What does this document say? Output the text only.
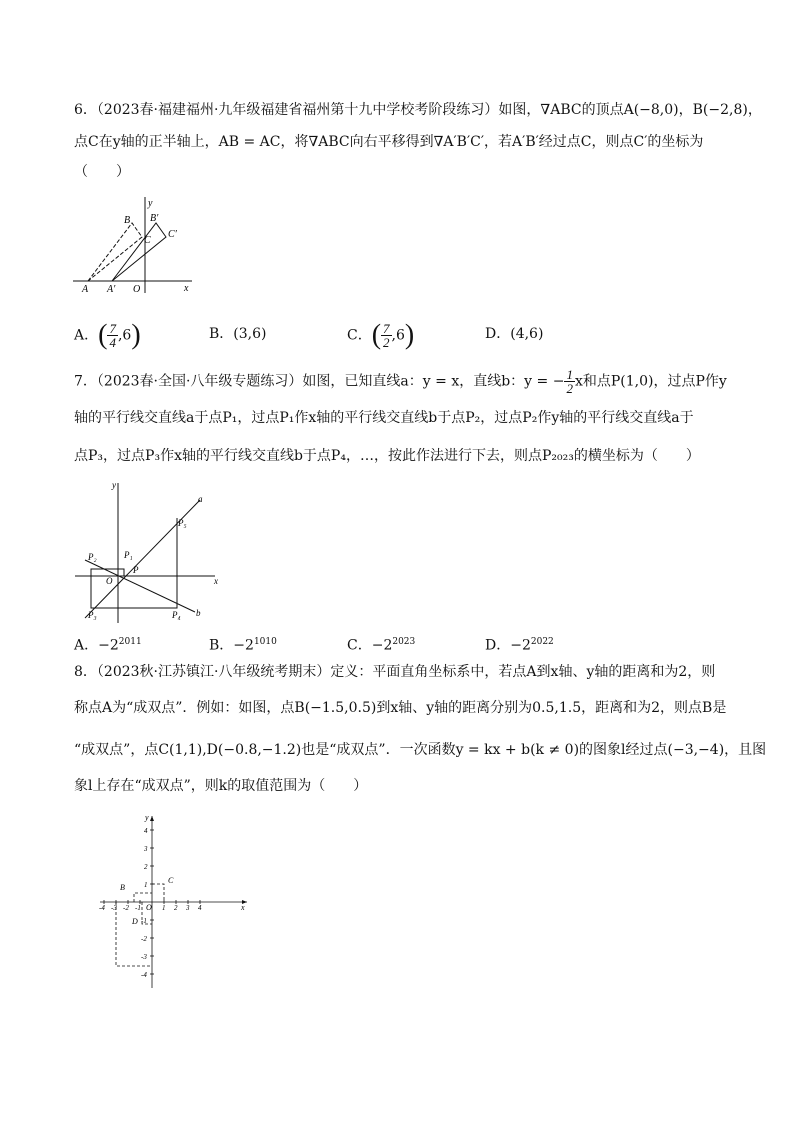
6．（2023春·福建福州·九年级福建省福州第十九中学校考阶段练习）如图，∇ABC的顶点A(−8,0)，B(−2,8)，
点C在y轴的正半轴上，AB = AC，将∇ABC向右平移得到∇A′B′C′，若A′B′经过点C，则点C′的坐标为
（　　）
B B′
C
C′
y
A A′ O	x
A．( $\frac{7}{4} ,6$)	B．(3,6)	C．( $\frac{7}{2} ,6$)	D．(4,6)
7．（2023春·全国·八年级专题练习）如图，已知直线a：y = x，直线b：y = − $\frac{1}{2}$ x和点P(1,0)，过点P作y
轴的平行线交直线a于点P₁，过点P₁作x轴的平行线交直线b于点P₂，过点P₂作y轴的平行线交直线a于
点P₃，过点P₃作x轴的平行线交直线b于点P₄，…，按此作法进行下去，则点P₂₀₂₃的横坐标为（　　）
y
a
P₅
P₂	P₁
P
O	x
P₃	P₄ b
A．$-2^{2011}$	B．$-2^{1010}$	C．$-2^{2023}$	D．$-2^{2022}$
8．（2023秋·江苏镇江·八年级统考期末）定义：平面直角坐标系中，若点A到x轴、y轴的距离和为2，则
称点A为“成双点”．例如：如图，点B(−1.5,0.5)到x轴、y轴的距离分别为0.5,1.5，距离和为2，则点B是
“成双点”，点C(1,1),D(−0.8,−1.2)也是“成双点”．一次函数y = kx + b(k ≠ 0)的图象l经过点(−3,−4)，且图
象l上存在“成双点”，则k的取值范围为（　　）
-4 -3 -2 -1	1 2 3 4
4
3
2
1
-1
-2
-3
-4
y
x
O
B
C
D
